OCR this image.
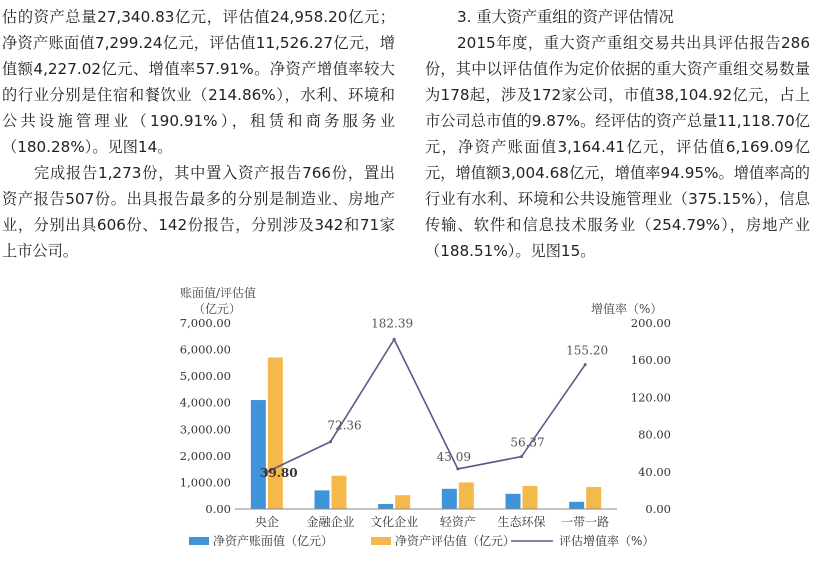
估的资产总量27,340.83亿元，评估值24,958.20亿元；净资产账面值7,299.24亿元，评估值11,526.27亿元，增值额4,227.02亿元、增值率57.91%。净资产增值率较大的行业分别是住宿和餐饮业（214.86%），水利、环境和公共设施管理业（190.91%），租赁和商务服务业（180.28%）。见图14。

完成报告1,273份，其中置入资产报告766份，置出资产报告507份。出具报告最多的分别是制造业、房地产业，分别出具606份、142份报告，分别涉及342和71家上市公司。

3. 重大资产重组的资产评估情况

2015年度，重大资产重组交易共出具评估报告286份，其中以评估值作为定价依据的重大资产重组交易数量为178起，涉及172家公司，市值38,104.92亿元，占上市公司总市值的9.87%。经评估的资产总量11,118.70亿元，净资产账面值3,164.41亿元，评估值6,169.09亿元，增值额3,004.68亿元，增值率94.95%。增值率高的行业有水利、环境和公共设施管理业（375.15%），信息传输、软件和信息技术服务业（254.79%），房地产业（188.51%）。见图15。

账面值/评估值
（亿元）	增值率（%）
0.00
1,000.00
2,000.00
3,000.00
4,000.00
5,000.00
6,000.00
7,000.00
0.00
40.00
80.00
120.00
160.00
200.00
39.80
72.36
182.39
43.09
56.37
155.20
央企 金融企业 文化企业 轻资产 生态环保 一带一路
净资产账面值（亿元）	净资产评估值（亿元）	评估增值率（%）
